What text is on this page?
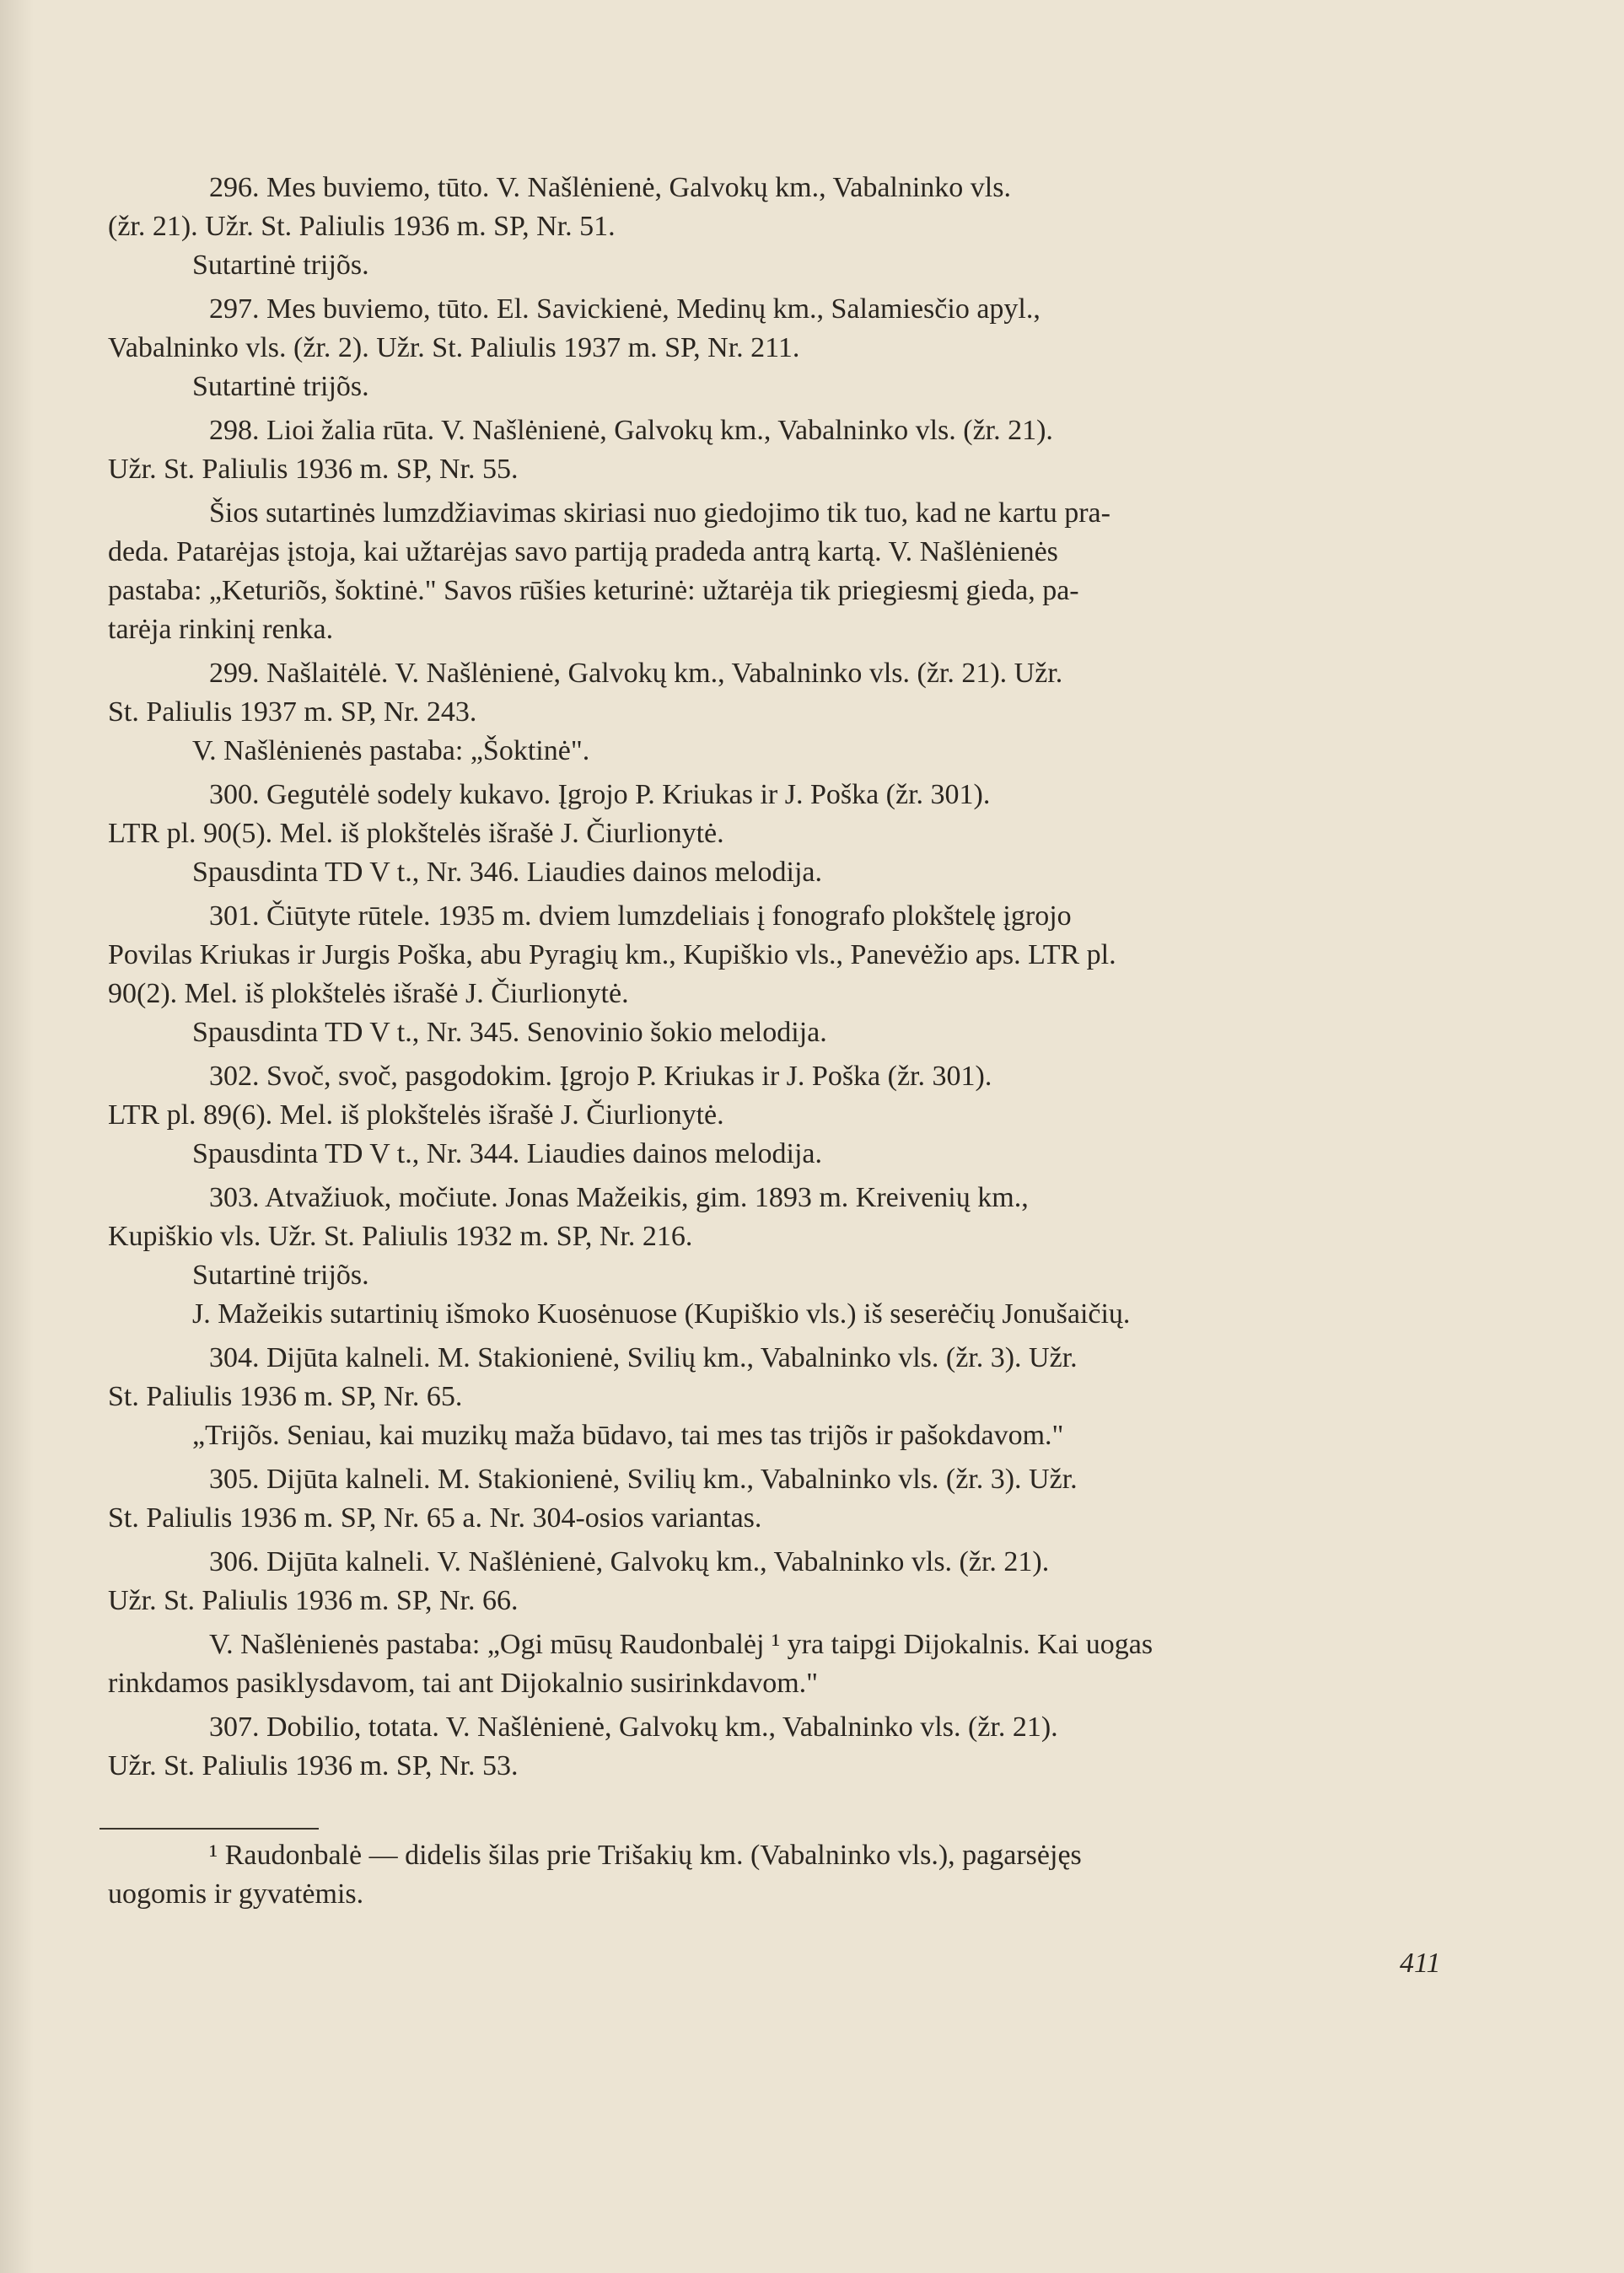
296. Mes buviemo, tūto. V. Našlėnienė, Galvokų km., Vabalninko vls.
(žr. 21). Užr. St. Paliulis 1936 m. SP, Nr. 51.
Sutartinė trijõs.
297. Mes buviemo, tūto. El. Savickienė, Medinų km., Salamiesčio apyl.,
Vabalninko vls. (žr. 2). Užr. St. Paliulis 1937 m. SP, Nr. 211.
Sutartinė trijõs.
298. Lioi žalia rūta. V. Našlėnienė, Galvokų km., Vabalninko vls. (žr. 21).
Užr. St. Paliulis 1936 m. SP, Nr. 55.
Šios sutartinės lumzdžiavimas skiriasi nuo giedojimo tik tuo, kad ne kartu pra-
deda. Patarėjas įstoja, kai užtarėjas savo partiją pradeda antrą kartą. V. Našlėnienės
pastaba: „Keturiõs, šoktinė." Savos rūšies keturinė: užtarėja tik priegiesmį gieda, pa-
tarėja rinkinį renka.
299. Našlaitėlė. V. Našlėnienė, Galvokų km., Vabalninko vls. (žr. 21). Užr.
St. Paliulis 1937 m. SP, Nr. 243.
V. Našlėnienės pastaba: „Šoktinė".
300. Gegutėlė sodely kukavo. Įgrojo P. Kriukas ir J. Poška (žr. 301).
LTR pl. 90(5). Mel. iš plokštelės išrašė J. Čiurlionytė.
Spausdinta TD V t., Nr. 346. Liaudies dainos melodija.
301. Čiūtyte rūtele. 1935 m. dviem lumzdeliais į fonografo plokštelę įgrojo
Povilas Kriukas ir Jurgis Poška, abu Pyragių km., Kupiškio vls., Panevėžio aps. LTR pl.
90(2). Mel. iš plokštelės išrašė J. Čiurlionytė.
Spausdinta TD V t., Nr. 345. Senovinio šokio melodija.
302. Svoč, svoč, pasgodokim. Įgrojo P. Kriukas ir J. Poška (žr. 301).
LTR pl. 89(6). Mel. iš plokštelės išrašė J. Čiurlionytė.
Spausdinta TD V t., Nr. 344. Liaudies dainos melodija.
303. Atvažiuok, močiute. Jonas Mažeikis, gim. 1893 m. Kreivenių km.,
Kupiškio vls. Užr. St. Paliulis 1932 m. SP, Nr. 216.
Sutartinė trijõs.
J. Mažeikis sutartinių išmoko Kuosėnuose (Kupiškio vls.) iš seserėčių Jonušaičių.
304. Dijūta kalneli. M. Stakionienė, Svilių km., Vabalninko vls. (žr. 3). Užr.
St. Paliulis 1936 m. SP, Nr. 65.
„Trijõs. Seniau, kai muzikų maža būdavo, tai mes tas trijõs ir pašokdavom."
305. Dijūta kalneli. M. Stakionienė, Svilių km., Vabalninko vls. (žr. 3). Užr.
St. Paliulis 1936 m. SP, Nr. 65 a. Nr. 304-osios variantas.
306. Dijūta kalneli. V. Našlėnienė, Galvokų km., Vabalninko vls. (žr. 21).
Užr. St. Paliulis 1936 m. SP, Nr. 66.
V. Našlėnienės pastaba: „Ogi mūsų Raudonbalėj ¹ yra taipgi Dijokalnis. Kai uogas
rinkdamos pasiklysdavom, tai ant Dijokalnio susirinkdavom."
307. Dobilio, totata. V. Našlėnienė, Galvokų km., Vabalninko vls. (žr. 21).
Užr. St. Paliulis 1936 m. SP, Nr. 53.
¹ Raudonbalė — didelis šilas prie Trišakių km. (Vabalninko vls.), pagarsėjęs
uogomis ir gyvatėmis.
411
